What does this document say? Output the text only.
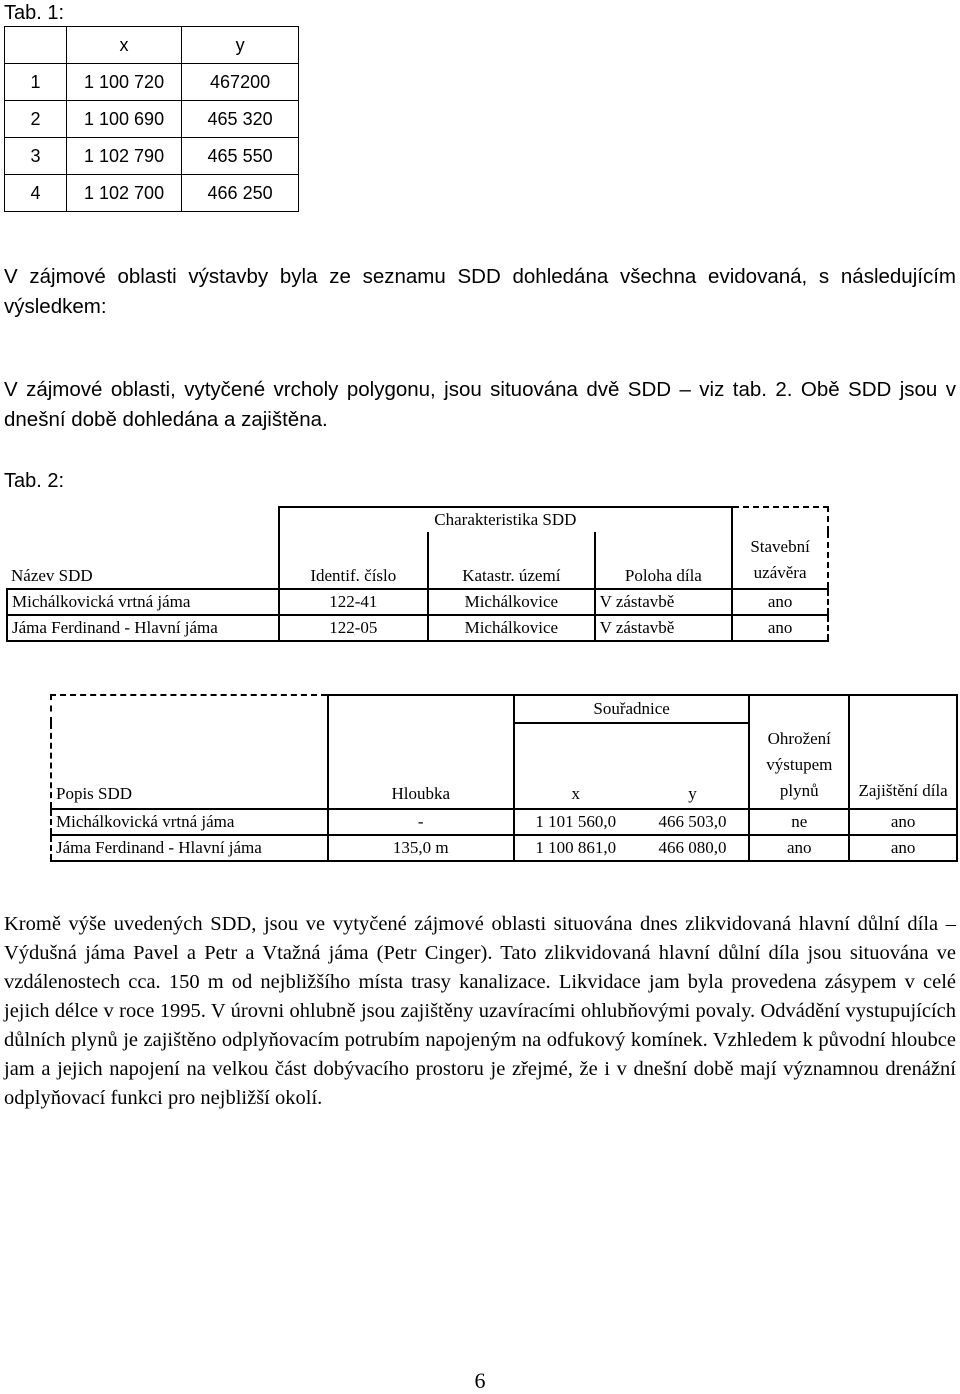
Tab. 1:
	x	y
1	1 100 720	467200
2	1 100 690	465 320
3	1 102 790	465 550
4	1 102 700	466 250
V zájmové oblasti výstavby byla ze seznamu SDD dohledána všechna evidovaná, s následujícím výsledkem:
V zájmové oblasti, vytyčené vrcholy polygonu, jsou situována dvě SDD – viz tab. 2. Obě SDD jsou v dnešní době dohledána a zajištěna.
Tab. 2:
	Charakteristika SDD			
Název SDD	Identif. číslo	Katastr. území	Poloha díla	Stavební uzávěra
Michálkovická vrtná jáma	122-41	Michálkovice	V zástavbě	ano
Jáma Ferdinand - Hlavní jáma	122-05	Michálkovice	V zástavbě	ano
		Souřadnice			
Popis SDD	Hloubka	x	y	Ohrožení výstupem plynů	Zajištění díla
Michálkovická vrtná jáma	-	1 101 560,0	466 503,0	ne	ano
Jáma Ferdinand - Hlavní jáma	135,0 m	1 100 861,0	466 080,0	ano	ano
Kromě výše uvedených SDD, jsou ve vytyčené zájmové oblasti situována dnes zlikvidovaná hlavní důlní díla – Výdušná jáma Pavel a Petr a Vtažná jáma (Petr Cinger). Tato zlikvidovaná hlavní důlní díla jsou situována ve vzdálenostech cca. 150 m od nejbližšího místa trasy kanalizace. Likvidace jam byla provedena zásypem v celé jejich délce v roce 1995. V úrovni ohlubně jsou zajištěny uzavíracími ohlubňovými povaly. Odvádění vystupujících důlních plynů je zajištěno odplyňovacím potrubím napojeným na odfukový komínek. Vzhledem k původní hloubce jam a jejich napojení na velkou část dobývacího prostoru je zřejmé, že i v dnešní době mají významnou drenážní odplyňovací funkci pro nejbližší okolí.
6
